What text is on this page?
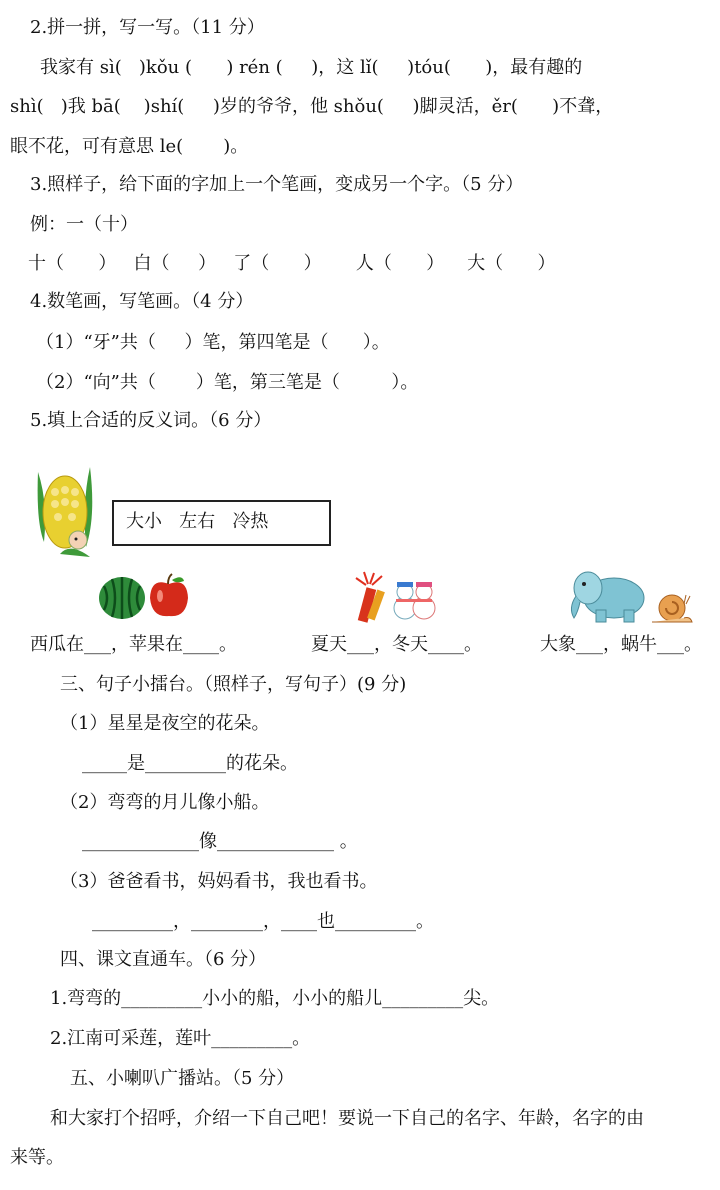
2.拼一拼，写一写。（11 分）
我家有 sì(   )kǒu (      ) rén (     )，这 lǐ(     )tóu(      )，最有趣的
shì(   )我 bā(    )shí(     )岁的爷爷，他 shǒu(     )脚灵活，ěr(      )不聋，
眼不花，可有意思 le(       )。
3.照样子，给下面的字加上一个笔画，变成另一个字。（5 分）
例：一（十）
十（      ）   白（     ）   了（      ）      人（      ）    大（      ）
4.数笔画，写笔画。（4 分）
（1）“牙”共（     ）笔，第四笔是（      ）。
（2）“向”共（       ）笔，第三笔是（         ）。
5.填上合适的反义词。（6 分）
大小   左右   冷热
西瓜在___，苹果在____。	夏天___，冬天____。	大象___，蜗牛___。
三、句子小擂台。（照样子，写句子）(9 分)
（1）星星是夜空的花朵。
_____是_________的花朵。
（2）弯弯的月儿像小船。
_____________像_____________ 。
（3）爸爸看书，妈妈看书，我也看书。
_________，________，____也_________。
四、课文直通车。（6 分）
1.弯弯的_________小小的船，小小的船儿_________尖。
2.江南可采莲，莲叶_________。
五、小喇叭广播站。（5 分）
和大家打个招呼，介绍一下自己吧！要说一下自己的名字、年龄，名字的由
来等。
